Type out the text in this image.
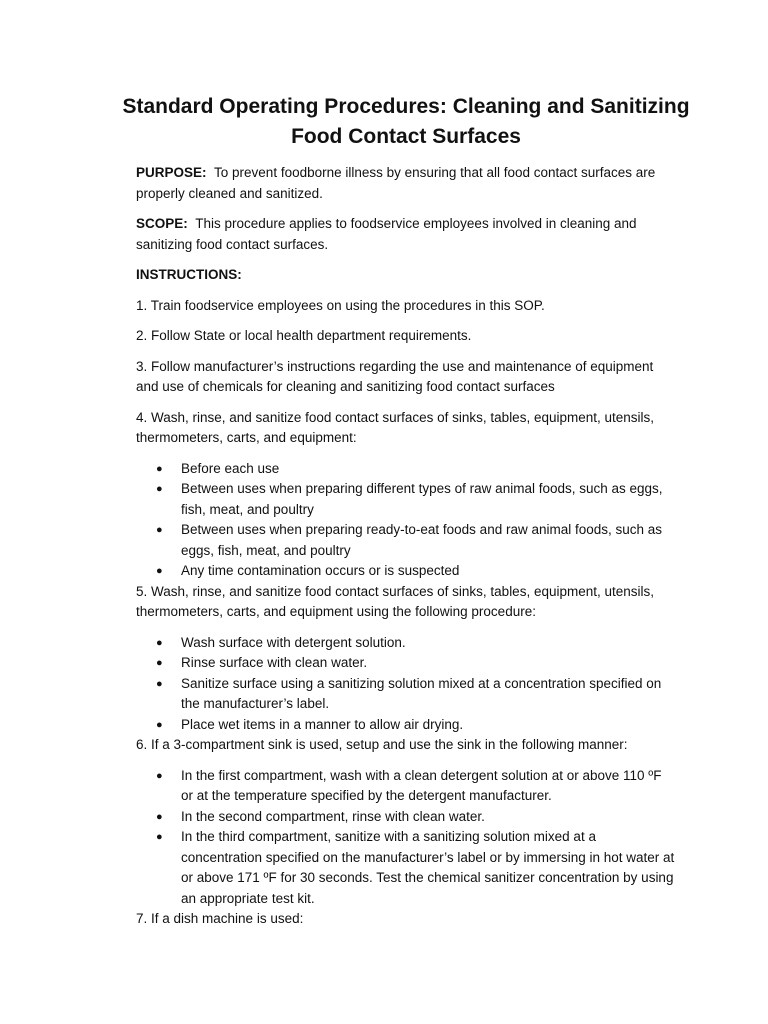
Standard Operating Procedures: Cleaning and Sanitizing
Food Contact Surfaces

PURPOSE: To prevent foodborne illness by ensuring that all food contact surfaces are properly cleaned and sanitized.

SCOPE: This procedure applies to foodservice employees involved in cleaning and sanitizing food contact surfaces.

INSTRUCTIONS:

1. Train foodservice employees on using the procedures in this SOP.

2. Follow State or local health department requirements.

3. Follow manufacturer’s instructions regarding the use and maintenance of equipment and use of chemicals for cleaning and sanitizing food contact surfaces

4. Wash, rinse, and sanitize food contact surfaces of sinks, tables, equipment, utensils, thermometers, carts, and equipment:

● Before each use
● Between uses when preparing different types of raw animal foods, such as eggs, fish, meat, and poultry
● Between uses when preparing ready-to-eat foods and raw animal foods, such as eggs, fish, meat, and poultry
● Any time contamination occurs or is suspected

5. Wash, rinse, and sanitize food contact surfaces of sinks, tables, equipment, utensils, thermometers, carts, and equipment using the following procedure:

● Wash surface with detergent solution.
● Rinse surface with clean water.
● Sanitize surface using a sanitizing solution mixed at a concentration specified on the manufacturer’s label.
● Place wet items in a manner to allow air drying.

6. If a 3-compartment sink is used, setup and use the sink in the following manner:

● In the first compartment, wash with a clean detergent solution at or above 110 ºF or at the temperature specified by the detergent manufacturer.
● In the second compartment, rinse with clean water.
● In the third compartment, sanitize with a sanitizing solution mixed at a concentration specified on the manufacturer’s label or by immersing in hot water at or above 171 ºF for 30 seconds. Test the chemical sanitizer concentration by using an appropriate test kit.

7. If a dish machine is used:
